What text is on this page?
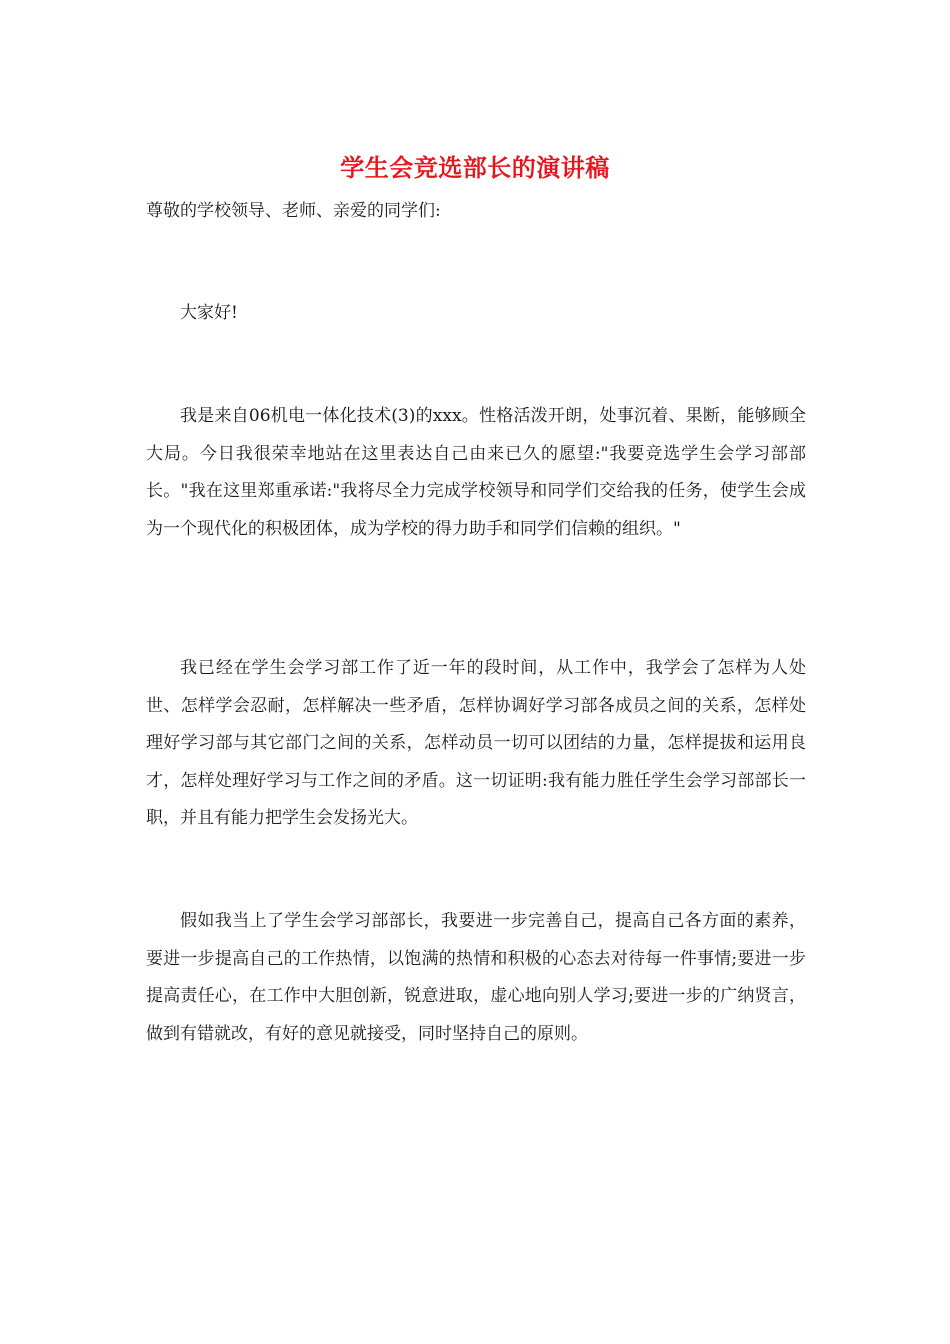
学生会竞选部长的演讲稿
尊敬的学校领导、老师、亲爱的同学们:
大家好!
我是来自06机电一体化技术(3)的xxx。性格活泼开朗，处事沉着、果断，能够顾全大局。今日我很荣幸地站在这里表达自己由来已久的愿望:"我要竞选学生会学习部部长。"我在这里郑重承诺:"我将尽全力完成学校领导和同学们交给我的任务，使学生会成为一个现代化的积极团体，成为学校的得力助手和同学们信赖的组织。"
我已经在学生会学习部工作了近一年的段时间，从工作中，我学会了怎样为人处世、怎样学会忍耐，怎样解决一些矛盾，怎样协调好学习部各成员之间的关系，怎样处理好学习部与其它部门之间的关系，怎样动员一切可以团结的力量，怎样提拔和运用良才，怎样处理好学习与工作之间的矛盾。这一切证明:我有能力胜任学生会学习部部长一职，并且有能力把学生会发扬光大。
假如我当上了学生会学习部部长，我要进一步完善自己，提高自己各方面的素养，要进一步提高自己的工作热情，以饱满的热情和积极的心态去对待每一件事情;要进一步提高责任心，在工作中大胆创新，锐意进取，虚心地向别人学习;要进一步的广纳贤言，做到有错就改，有好的意见就接受，同时坚持自己的原则。
